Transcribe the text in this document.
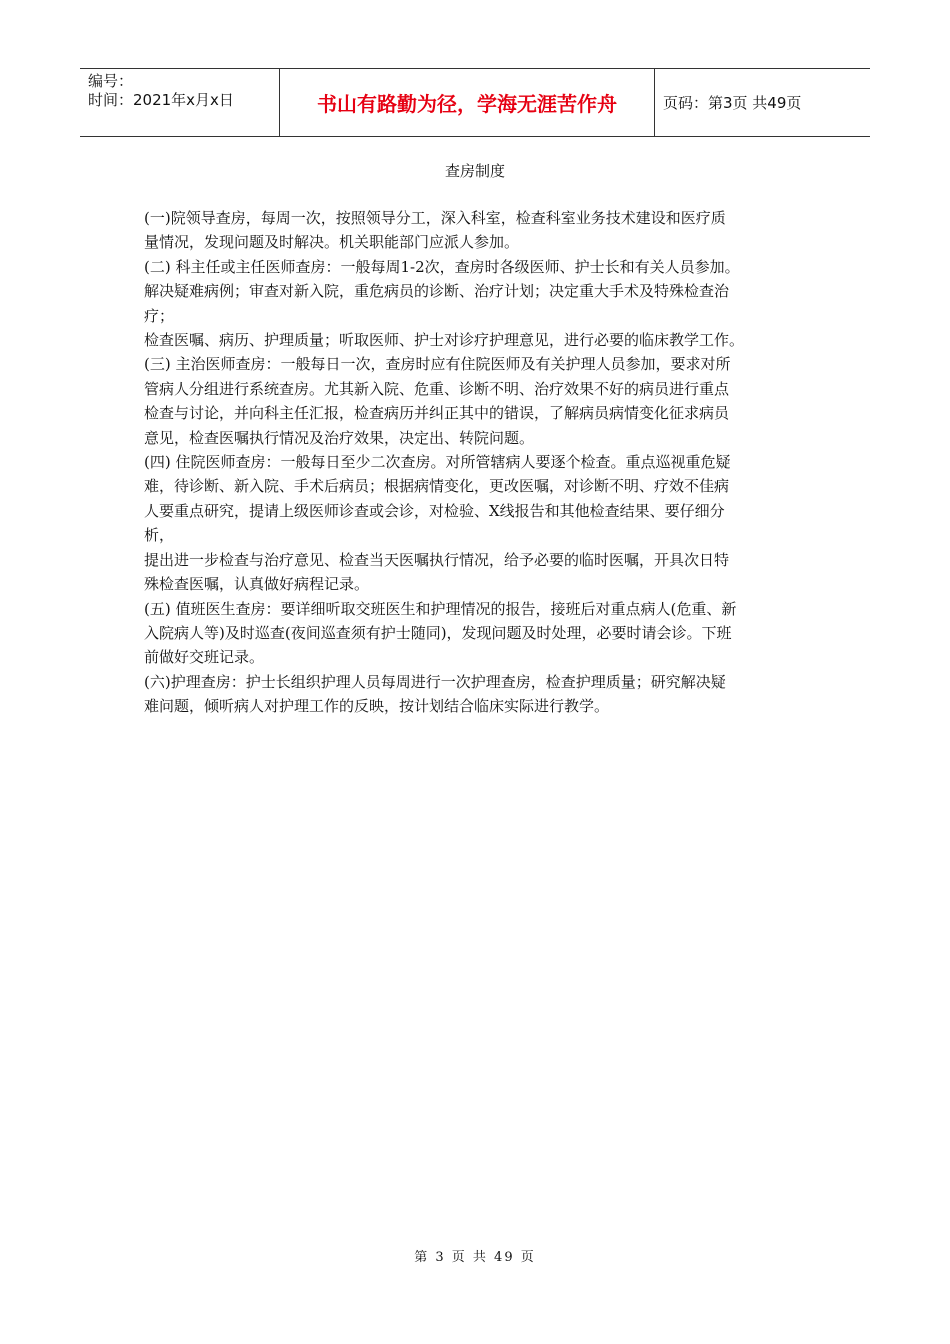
编号：
时间：2021年x月x日	书山有路勤为径，学海无涯苦作舟	页码：第3页 共49页
查房制度

(一)院领导查房，每周一次，按照领导分工，深入科室，检查科室业务技术建设和医疗质

量情况，发现问题及时解决。机关职能部门应派人参加。

(二) 科主任或主任医师查房：一般每周1-2次，查房时各级医师、护士长和有关人员参加。

解决疑难病例；审查对新入院，重危病员的诊断、治疗计划；决定重大手术及特殊检查治

疗；

检查医嘱、病历、护理质量；听取医师、护士对诊疗护理意见，进行必要的临床教学工作。

(三) 主治医师查房：一般每日一次，查房时应有住院医师及有关护理人员参加，要求对所

管病人分组进行系统查房。尤其新入院、危重、诊断不明、治疗效果不好的病员进行重点

检查与讨论，并向科主任汇报，检查病历并纠正其中的错误，了解病员病情变化征求病员

意见，检查医嘱执行情况及治疗效果，决定出、转院问题。

(四) 住院医师查房：一般每日至少二次查房。对所管辖病人要逐个检查。重点巡视重危疑

难，待诊断、新入院、手术后病员；根据病情变化，更改医嘱，对诊断不明、疗效不佳病

人要重点研究，提请上级医师诊查或会诊，对检验、X线报告和其他检查结果、要仔细分

析，

提出进一步检查与治疗意见、检查当天医嘱执行情况，给予必要的临时医嘱，开具次日特

殊检查医嘱，认真做好病程记录。

(五) 值班医生查房：要详细听取交班医生和护理情况的报告，接班后对重点病人(危重、新

入院病人等)及时巡查(夜间巡查须有护士随同)，发现问题及时处理，必要时请会诊。下班

前做好交班记录。

(六)护理查房：护士长组织护理人员每周进行一次护理查房，检查护理质量；研究解决疑

难问题，倾听病人对护理工作的反映，按计划结合临床实际进行教学。

第 3 页 共 49 页
